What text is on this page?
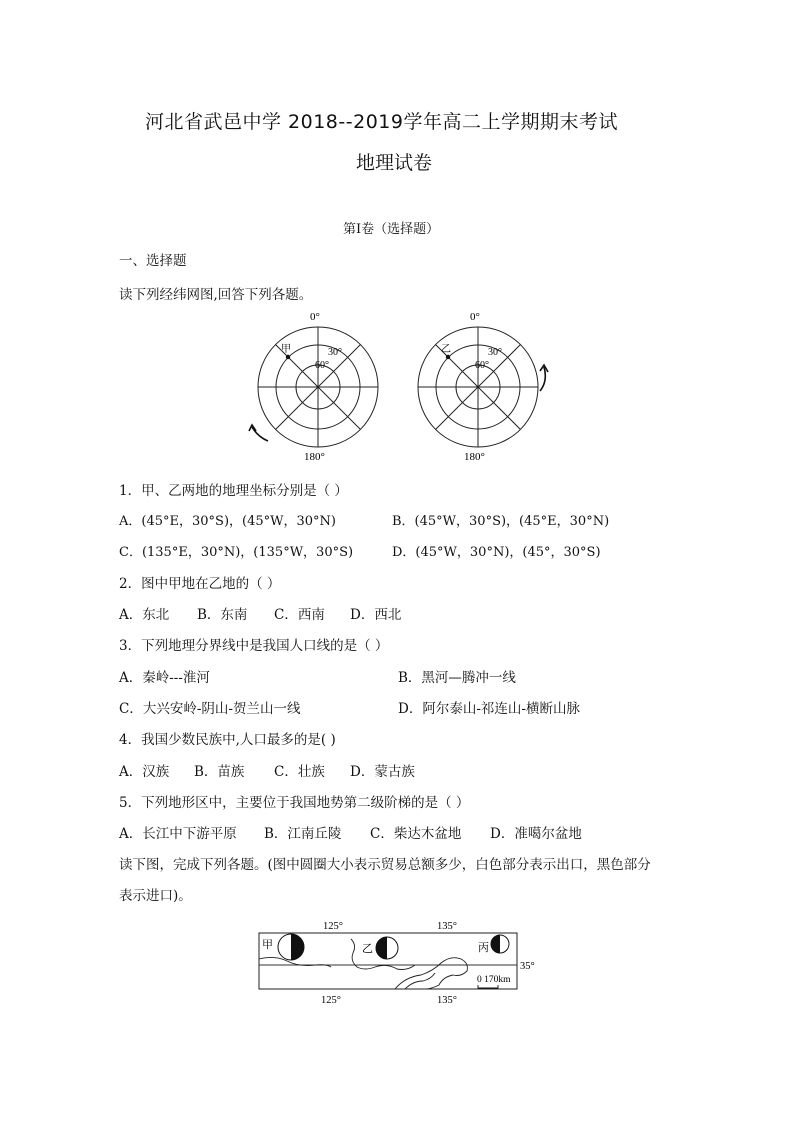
河北省武邑中学 2018--2019学年高二上学期期末考试
地理试卷
第Ⅰ卷（选择题）
一、选择题
读下列经纬网图,回答下列各题。
0°
180°
30°
60°
甲
0°
180°
30°
60°
乙
1．甲、乙两地的地理坐标分别是（ ）
A．(45°E，30°S)，(45°W，30°N)	B．(45°W，30°S)，(45°E，30°N)
C．(135°E，30°N)，(135°W，30°S)	D．(45°W，30°N)，(45°，30°S)
2．图中甲地在乙地的（ ）
A．东北 B．东南 C．西南 D．西北
3．下列地理分界线中是我国人口线的是（ ）
A．秦岭---淮河	B．黑河—腾冲一线
C．大兴安岭-阴山-贺兰山一线	D．阿尔泰山-祁连山-横断山脉
4．我国少数民族中,人口最多的是( )
A．汉族 B．苗族 C．壮族 D．蒙古族
5．下列地形区中，主要位于我国地势第二级阶梯的是（ ）
A．长江中下游平原 B．江南丘陵 C．柴达木盆地 D．准噶尔盆地
读下图，完成下列各题。(图中圆圈大小表示贸易总额多少，白色部分表示出口，黑色部分
表示进口)。
125°	135°
125°	135°
35°
甲	乙	丙
0 170km
